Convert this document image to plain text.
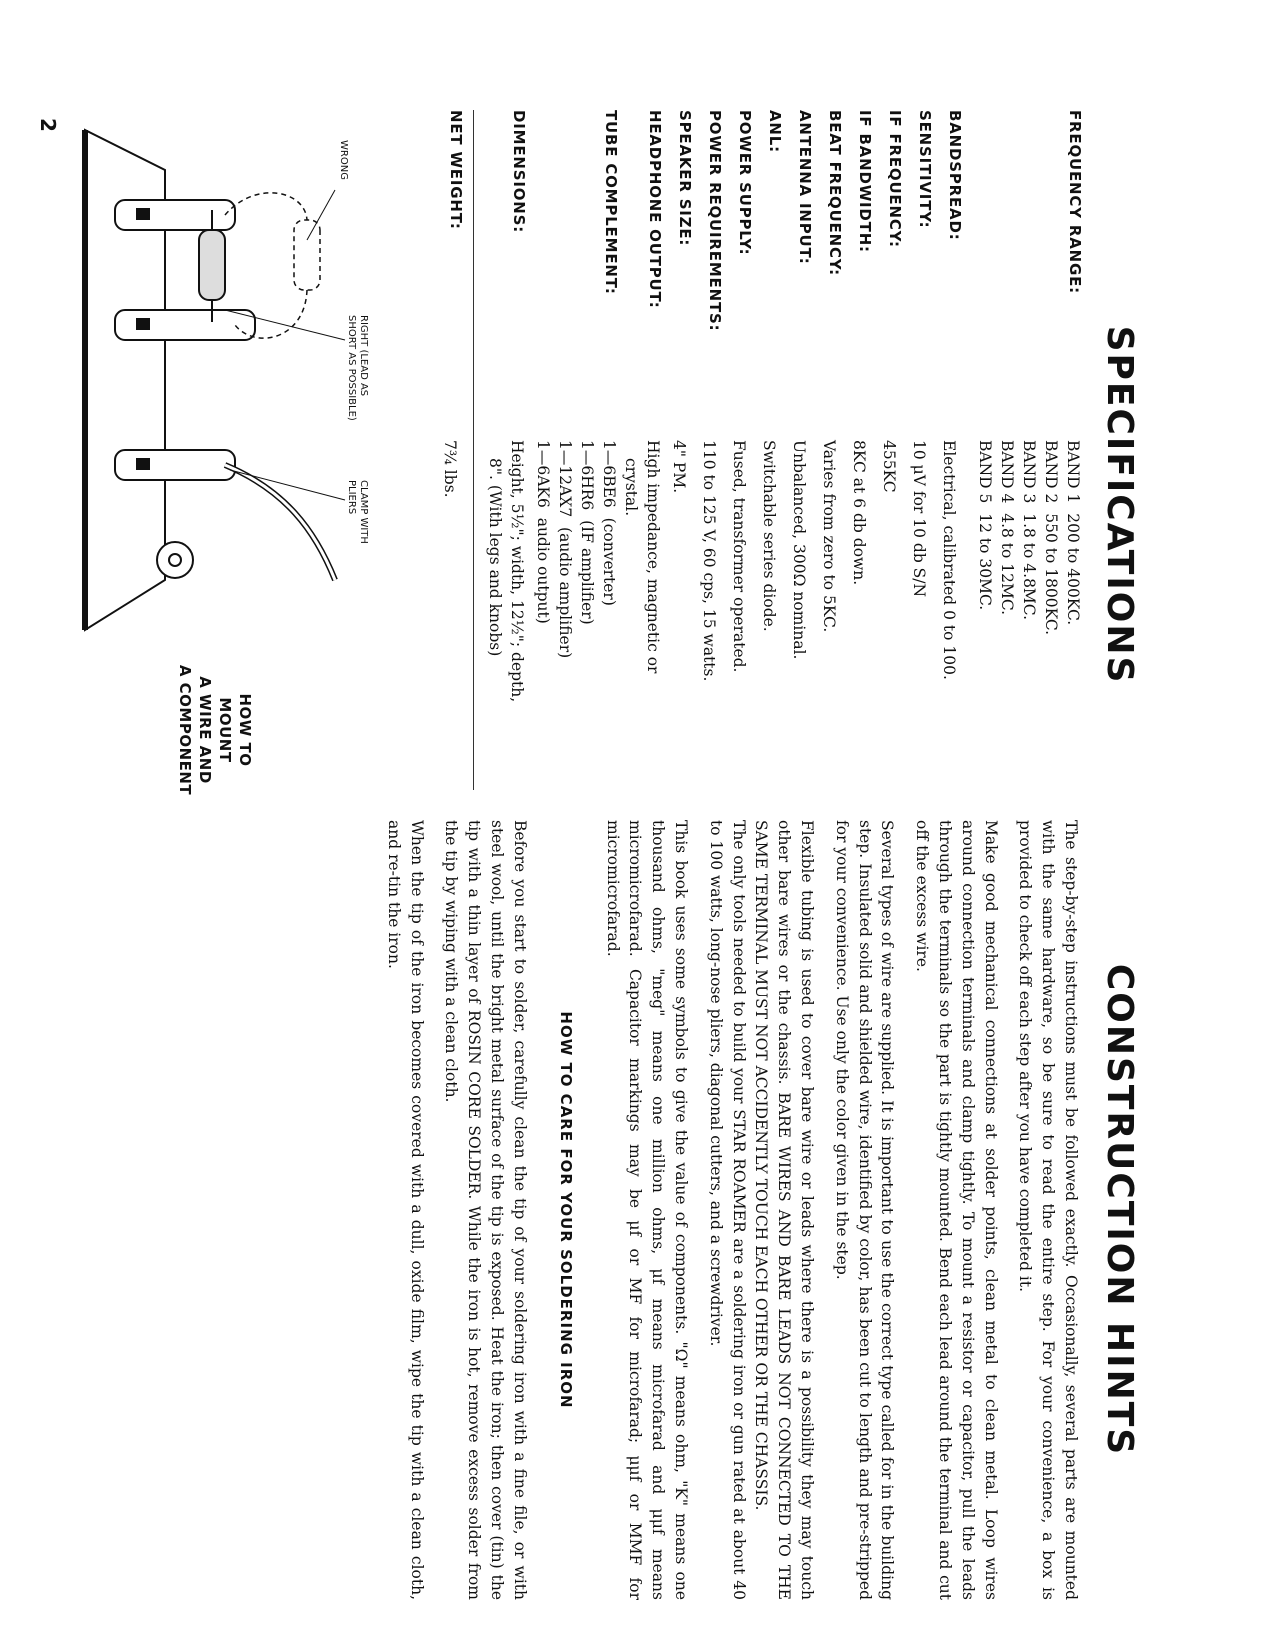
SPECIFICATIONS
FREQUENCY RANGE:
BAND 1  200 to 400KC.
BAND 2  550 to 1800KC.
BAND 3  1.8 to 4.8MC.
BAND 4  4.8 to 12MC.
BAND 5  12 to 30MC.
BANDSPREAD:
Electrical, calibrated 0 to 100.
SENSITIVITY:
10 μV for 10 db S/N
IF FREQUENCY:
455KC
IF BANDWIDTH:
8KC at 6 db down.
BEAT FREQUENCY:
Varies from zero to 5KC.
ANTENNA INPUT:
Unbalanced, 300Ω nominal.
ANL:
Switchable series diode.
POWER SUPPLY:
Fused, transformer operated.
POWER REQUIREMENTS:
110 to 125 V, 60 cps, 15 watts.
SPEAKER SIZE:
4" PM.
HEADPHONE OUTPUT:
High impedance, magnetic or
crystal.
TUBE COMPLEMENT:
1—6BE6  (converter)
1—6HR6  (IF amplifier)
1—12AX7  (audio amplifier)
1—6AK6  audio output)
DIMENSIONS:
Height, 5½"; width, 12½"; depth,
8". (With legs and knobs)
NET WEIGHT:
7¾ lbs.
WRONG
RIGHT (LEAD AS
SHORT AS POSSIBLE)
CLAMP WITH
PLIERS
HOW TO MOUNT
A WIRE AND
A COMPONENT
CONSTRUCTION HINTS

The step-by-step instructions must be followed exactly. Occasionally, several parts are mounted with the same hardware, so be sure to read the entire step. For your convenience, a box is provided to check off each step after you have completed it.

Make good mechanical connections at solder points, clean metal to clean metal. Loop wires around connection terminals and clamp tightly. To mount a resistor or capacitor, pull the leads through the terminals so the part is tightly mounted. Bend each lead around the terminal and cut off the excess wire.

Several types of wire are supplied. It is important to use the correct type called for in the building step. Insulated solid and shielded wire, identified by color, has been cut to length and pre-stripped for your convenience. Use only the color given in the step.

Flexible tubing is used to cover bare wire or leads where there is a possibility they may touch other bare wires or the chassis. BARE WIRES AND BARE LEADS NOT CONNECTED TO THE SAME TERMINAL MUST NOT ACCIDENTLY TOUCH EACH OTHER OR THE CHASSIS.

The only tools needed to build your STAR ROAMER are a soldering iron or gun rated at about 40 to 100 watts, long-nose pliers, diagonal cutters, and a screwdriver.

This book uses some symbols to give the value of components. "Ω" means ohm, "K" means one thousand ohms, "meg" means one million ohms, μf means microfarad and μμf means micromicrofarad. Capacitor markings may be μf or MF for microfarad; μμf or MMF for micromicrofarad.

HOW TO CARE FOR YOUR SOLDERING IRON

Before you start to solder, carefully clean the tip of your soldering iron with a fine file, or with steel wool, until the bright metal surface of the tip is exposed. Heat the iron; then cover (tin) the tip with a thin layer of ROSIN CORE SOLDER. While the iron is hot, remove excess solder from the tip by wiping with a clean cloth.

When the tip of the iron becomes covered with a dull, oxide film, wipe the tip with a clean cloth, and re-tin the iron.

2
